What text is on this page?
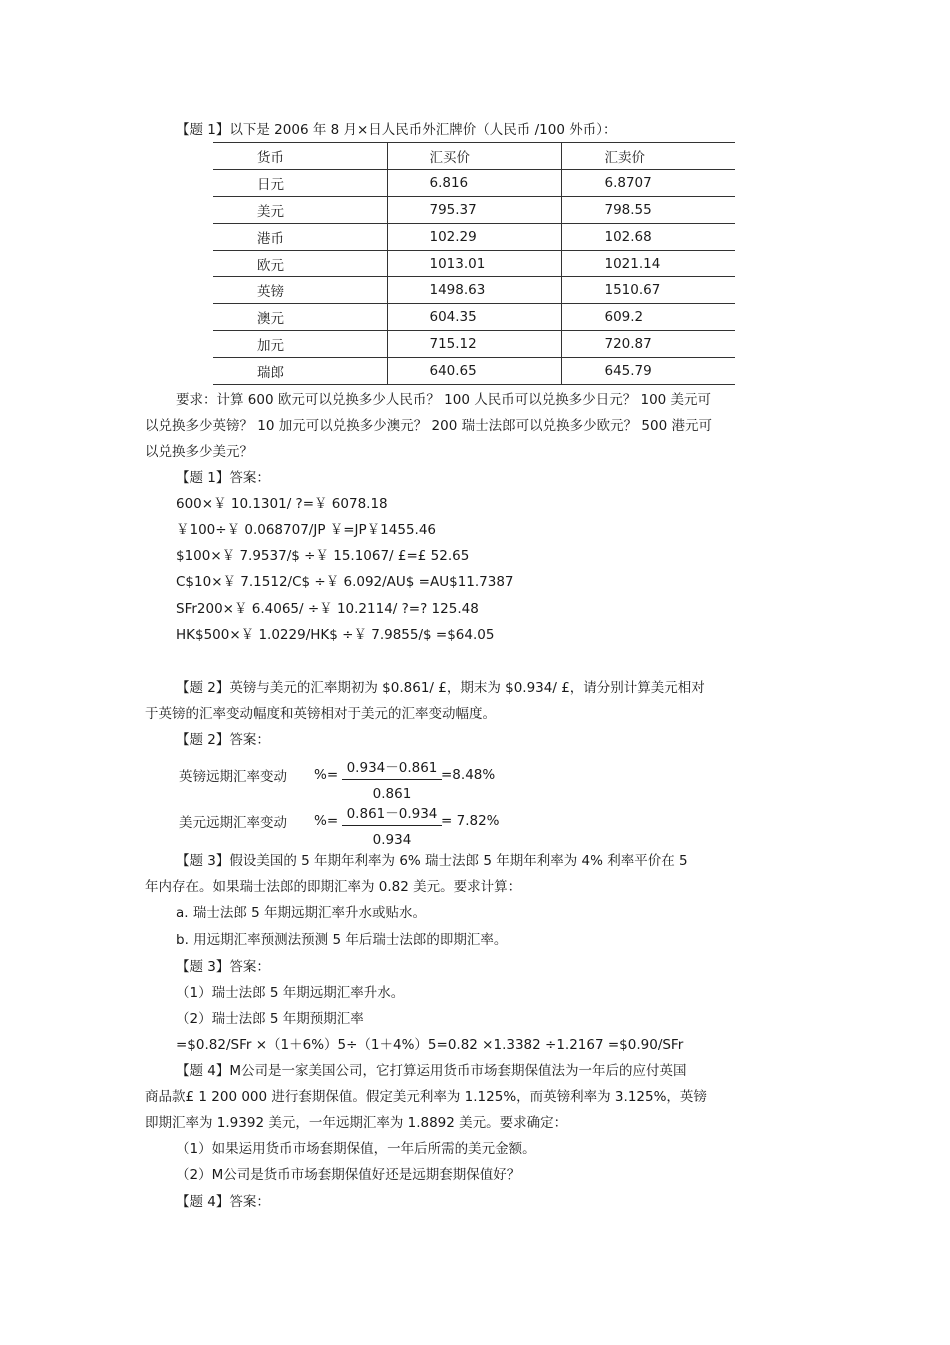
【题 1】以下是 2006 年 8 月×日人民币外汇牌价（人民币 /100 外币）：
货币	汇买价	汇卖价
日元	6.816	6.8707
美元	795.37	798.55
港币	102.29	102.68
欧元	1013.01	1021.14
英镑	1498.63	1510.67
澳元	604.35	609.2
加元	715.12	720.87
瑞郎	640.65	645.79
要求：计算 600 欧元可以兑换多少人民币？ 100 人民币可以兑换多少日元？ 100 美元可
以兑换多少英镑？ 10 加元可以兑换多少澳元？ 200 瑞士法郎可以兑换多少欧元？ 500 港元可
以兑换多少美元？
【题 1】答案：
600×￥ 10.1301/ ?=￥ 6078.18
￥100÷￥ 0.068707/JP ￥=JP￥1455.46
$100×￥ 7.9537/$ ÷￥ 15.1067/ £=£ 52.65
C$10×￥ 7.1512/C$ ÷￥ 6.092/AU$ =AU$11.7387
SFr200×￥ 6.4065/ ÷￥ 10.2114/ ?=? 125.48
HK$500×￥ 1.0229/HK$ ÷￥ 7.9855/$ =$64.05
【题 2】英镑与美元的汇率期初为 $0.861/ £，期末为 $0.934/ £，请分别计算美元相对
于英镑的汇率变动幅度和英镑相对于美元的汇率变动幅度。
【题 2】答案：
英镑远期汇率变动 %= $\frac{0.934-0.861}{0.861} =8.48\%$
美元远期汇率变动 %= $\frac{0.861-0.934}{0.934} = 7.82\%$
【题 3】假设美国的 5 年期年利率为 6% 瑞士法郎 5 年期年利率为 4% 利率平价在 5
年内存在。如果瑞士法郎的即期汇率为 0.82 美元。要求计算：
a. 瑞士法郎 5 年期远期汇率升水或贴水。
b. 用远期汇率预测法预测 5 年后瑞士法郎的即期汇率。
【题 3】答案：
（1）瑞士法郎 5 年期远期汇率升水。
（2）瑞士法郎 5 年期预期汇率
=$0.82/SFr ×（1＋6%）5÷（1＋4%）5=0.82 ×1.3382 ÷1.2167 =$0.90/SFr
【题 4】M公司是一家美国公司，它打算运用货币市场套期保值法为一年后的应付英国
商品款£ 1 200 000 进行套期保值。假定美元利率为 1.125%，而英镑利率为 3.125%，英镑
即期汇率为 1.9392 美元，一年远期汇率为 1.8892 美元。要求确定：
（1）如果运用货币市场套期保值，一年后所需的美元金额。
（2）M公司是货币市场套期保值好还是远期套期保值好？
【题 4】答案：
